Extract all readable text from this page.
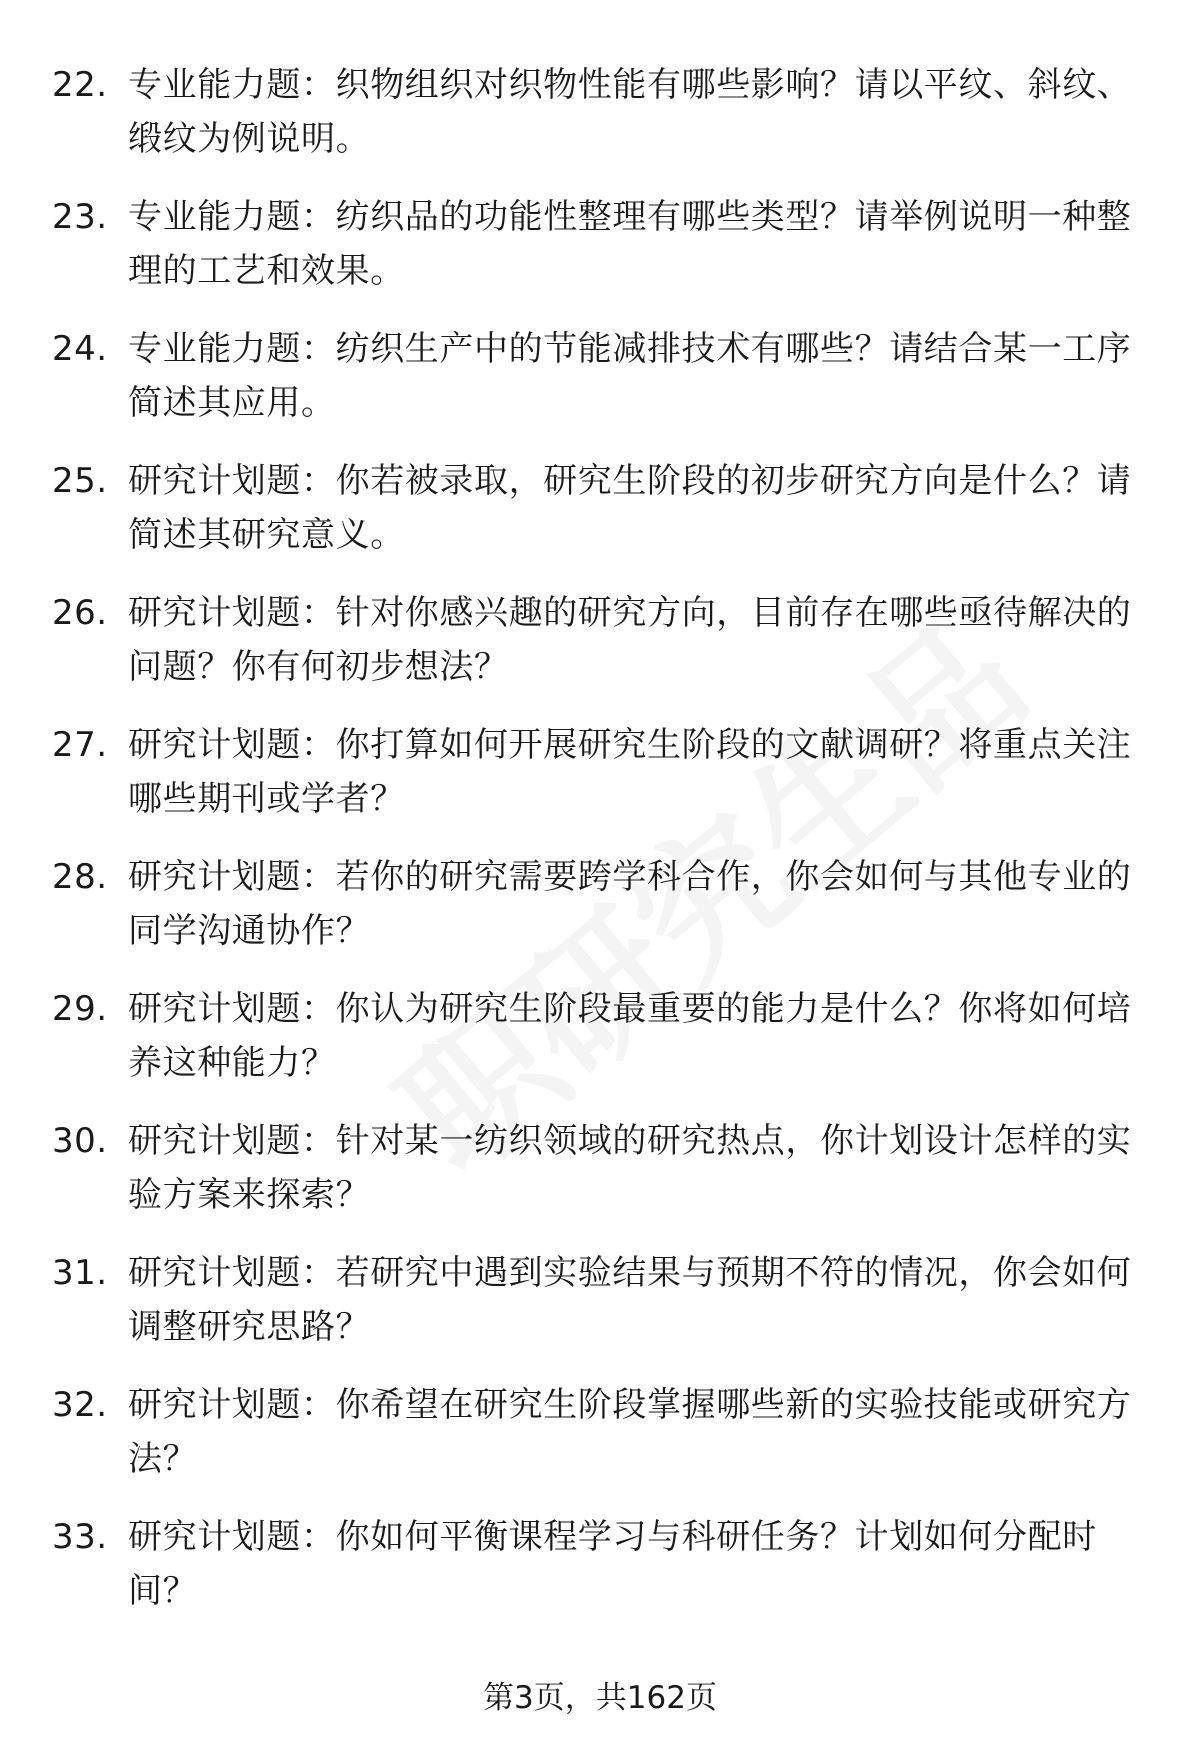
22. 专业能力题：织物组织对织物性能有哪些影响？请以平纹、斜纹、缎纹为例说明。
23. 专业能力题：纺织品的功能性整理有哪些类型？请举例说明一种整理的工艺和效果。
24. 专业能力题：纺织生产中的节能减排技术有哪些？请结合某一工序简述其应用。
25. 研究计划题：你若被录取，研究生阶段的初步研究方向是什么？请简述其研究意义。
26. 研究计划题：针对你感兴趣的研究方向，目前存在哪些亟待解决的问题？你有何初步想法？
27. 研究计划题：你打算如何开展研究生阶段的文献调研？将重点关注哪些期刊或学者？
28. 研究计划题：若你的研究需要跨学科合作，你会如何与其他专业的同学沟通协作？
29. 研究计划题：你认为研究生阶段最重要的能力是什么？你将如何培养这种能力？
30. 研究计划题：针对某一纺织领域的研究热点，你计划设计怎样的实验方案来探索？
31. 研究计划题：若研究中遇到实验结果与预期不符的情况，你会如何调整研究思路？
32. 研究计划题：你希望在研究生阶段掌握哪些新的实验技能或研究方法？
33. 研究计划题：你如何平衡课程学习与科研任务？计划如何分配时间？
第3页，共162页
